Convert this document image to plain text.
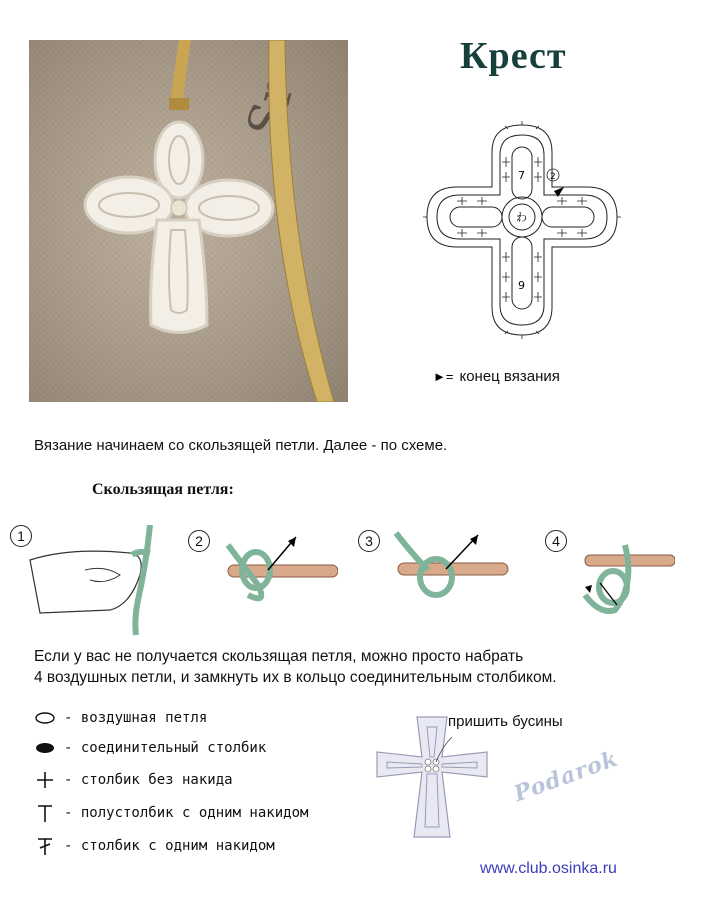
Крест
7	2
9
わ
►= конец вязания
Вязание начинаем со скользящей петли. Далее - по схеме.
Скользящая петля:
1	2	3	4
Если у вас не получается скользящая петля, можно просто набрать
4 воздушных петли, и замкнуть их в кольцо соединительным столбиком.
- воздушная петля
- соединительный столбик
- столбик без накида
- полустолбик с одним накидом
- столбик с одним накидом
пришить бусины
Podarok
www.club.osinka.ru
